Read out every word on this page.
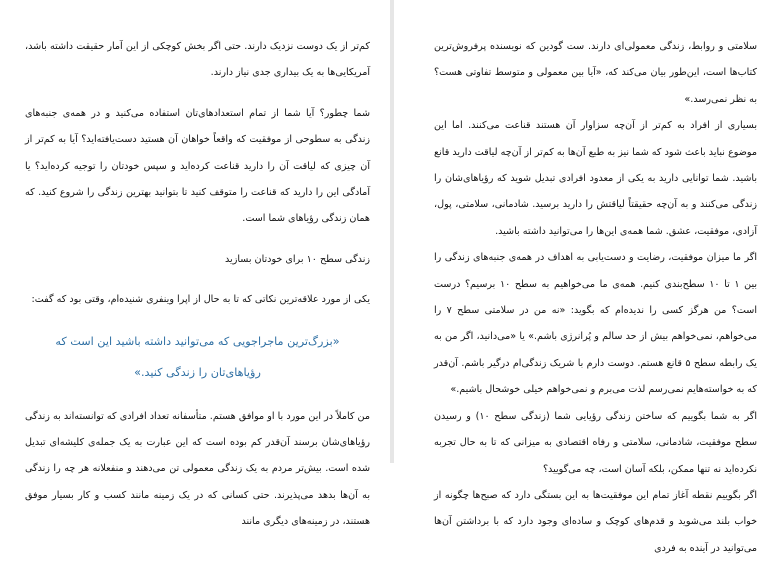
کم‌تر از یک دوست نزدیک دارند. حتی اگر بخش کوچکی از این آمار حقیقت داشته باشد، آمریکایی‌ها به یک بیداری جدی نیاز دارند.

شما چطور؟ آیا شما از تمام استعدادهای‌تان استفاده می‌کنید و در همه‌ی جنبه‌های زندگی به سطوحی از موفقیت که واقعاً خواهان آن هستید دست‌یافته‌اید؟ آیا به کم‌تر از آن چیزی که لیاقت آن را دارید قناعت کرده‌اید و سپس خودتان را توجیه کرده‌اید؟ یا آمادگی این را دارید که قناعت را متوقف کنید تا بتوانید بهترین زندگی را شروع کنید. که همان زندگی رؤیاهای شما است.

زندگی سطح ۱۰ برای خودتان بسازید

یکی از مورد علاقه‌ترین نکاتی که تا به حال از اپرا وینفری شنیده‌ام، وقتی بود که گفت:

«بزرگ‌ترین ماجراجویی که می‌توانید داشته باشید این است که
رؤیاهای‌تان را زندگی کنید.»

من کاملاً در این مورد با او موافق هستم. متأسفانه تعداد افرادی که توانسته‌اند به زندگی رؤیاهای‌شان برسند آن‌قدر کم بوده است که این عبارت به یک جمله‌ی کلیشه‌ای تبدیل شده است. بیش‌تر مردم به یک زندگی معمولی تن می‌دهند و منفعلانه هر چه را زندگی به آن‌ها بدهد می‌پذیرند. حتی کسانی که در یک زمینه مانند کسب و کار بسیار موفق هستند، در زمینه‌های دیگری مانند

سلامتی و روابط، زندگی معمولی‌ای دارند. ست گودین که نویسنده‌ پرفروش‌ترین کتاب‌ها است، این‌طور بیان می‌کند که، «آیا بین معمولی و متوسط تفاوتی هست؟ به نظر نمی‌رسد.»

بسیاری از افراد به کم‌تر از آن‌چه سزاوار آن هستند قناعت می‌کنند. اما این موضوع نباید باعث شود که شما نیز به طبع آن‌ها به کم‌تر از آن‌چه لیاقت دارید قانع باشید. شما توانایی دارید به یکی از معدود افرادی تبدیل شوید که رؤیاهای‌شان را زندگی می‌کنند و به آن‌چه حقیقتاً لیاقتش را دارید برسید. شادمانی، سلامتی، پول، آزادی، موفقیت، عشق. شما همه‌ی این‌ها را می‌توانید داشته باشید.

اگر ما میزان موفقیت، رضایت و دست‌یابی به اهداف در همه‌ی جنبه‌های زندگی را بین ۱ تا ۱۰ سطح‌بندی کنیم. همه‌ی ما می‌خواهیم به سطح ۱۰ برسیم؟ درست است؟ من هرگز کسی را ندیده‌ام که بگوید: «نه من در سلامتی سطح ۷ را می‌خواهم، نمی‌خواهم بیش از حد سالم و پُرانرژی باشم.» یا «می‌دانید، اگر من به یک رابطه سطح ۵ قانع هستم. دوست دارم با شریک زندگی‌ام درگیر باشم. آن‌قدر که به خواسته‌هایم نمی‌رسم لذت می‌برم و نمی‌خواهم خیلی خوشحال باشیم.»

اگر به شما بگوییم که ساختن زندگی رؤیایی شما (زندگی سطح ۱۰) و رسیدن سطح موفقیت، شادمانی، سلامتی و رفاه اقتصادی به میزانی که تا به حال تجربه نکرده‌اید نه تنها ممکن، بلکه آسان است، چه می‌گویید؟

اگر بگوییم نقطه آغاز تمام این موفقیت‌ها به این بستگی دارد که صبح‌ها چگونه از خواب بلند می‌شوید و قدم‌های کوچک و ساده‌ای وجود دارد که با برداشتن آن‌ها می‌توانید در آینده به فردی
